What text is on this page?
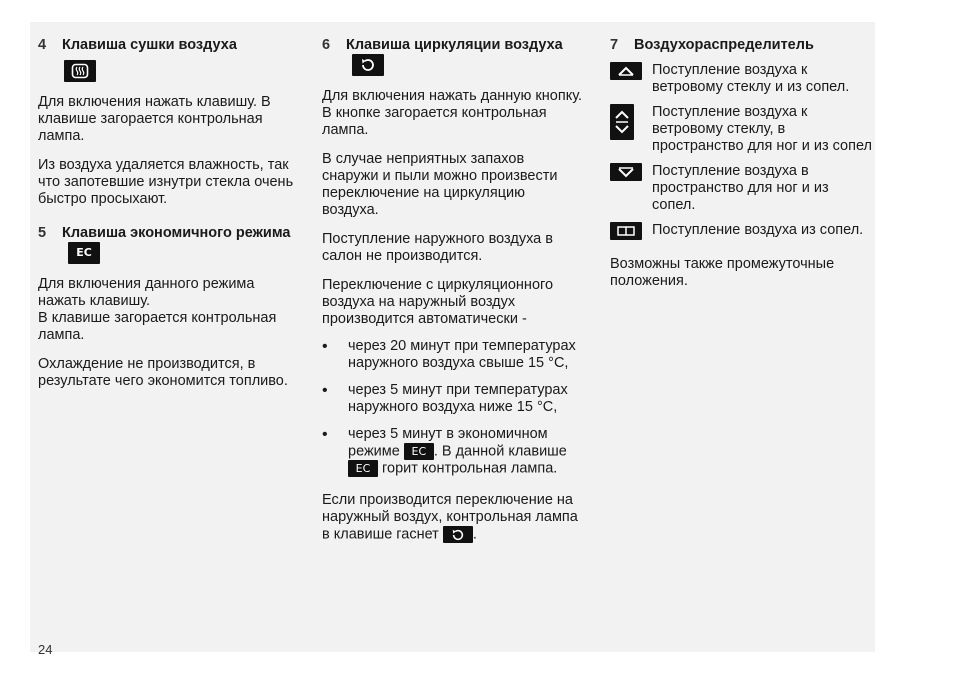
4	Клавиша сушки воздуха
Для включения нажать клавишу. В клавише загорается контрольная лампа.
Из воздуха удаляется влажность, так что запотевшие изнутри стекла очень быстро просыхают.
5	Клавиша экономичного режима EC
Для включения данного режима нажать клавишу.
В клавише загорается контрольная лампа.
Охлаждение не производится, в результате чего экономится топливо.
6	Клавиша циркуляции воздуха
Для включения нажать данную кнопку. В кнопке загорается контрольная лампа.
В случае неприятных запахов снаружи и пыли можно произвести переключение на циркуляцию воздуха.
Поступление наружного воздуха в салон не производится.
Переключение с циркуляционного воздуха на наружный воздух производится автоматически -
•	через 20 минут при температурах наружного воздуха свыше 15 °С,
•	через 5 минут при температурах наружного воздуха ниже 15 °С,
•	через 5 минут в экономичном режиме EC . В данной клавише EC горит контрольная лампа.
Если производится переключение на наружный воздух, контрольная лампа в клавише гаснет .
7	Воздухораспределитель
Поступление воздуха к ветровому стеклу и из сопел.
Поступление воздуха к ветровому стеклу, в пространство для ног и из сопел
Поступление воздуха в пространство для ног и из сопел.
Поступление воздуха из сопел.
Возможны также промежуточные положения.
24
